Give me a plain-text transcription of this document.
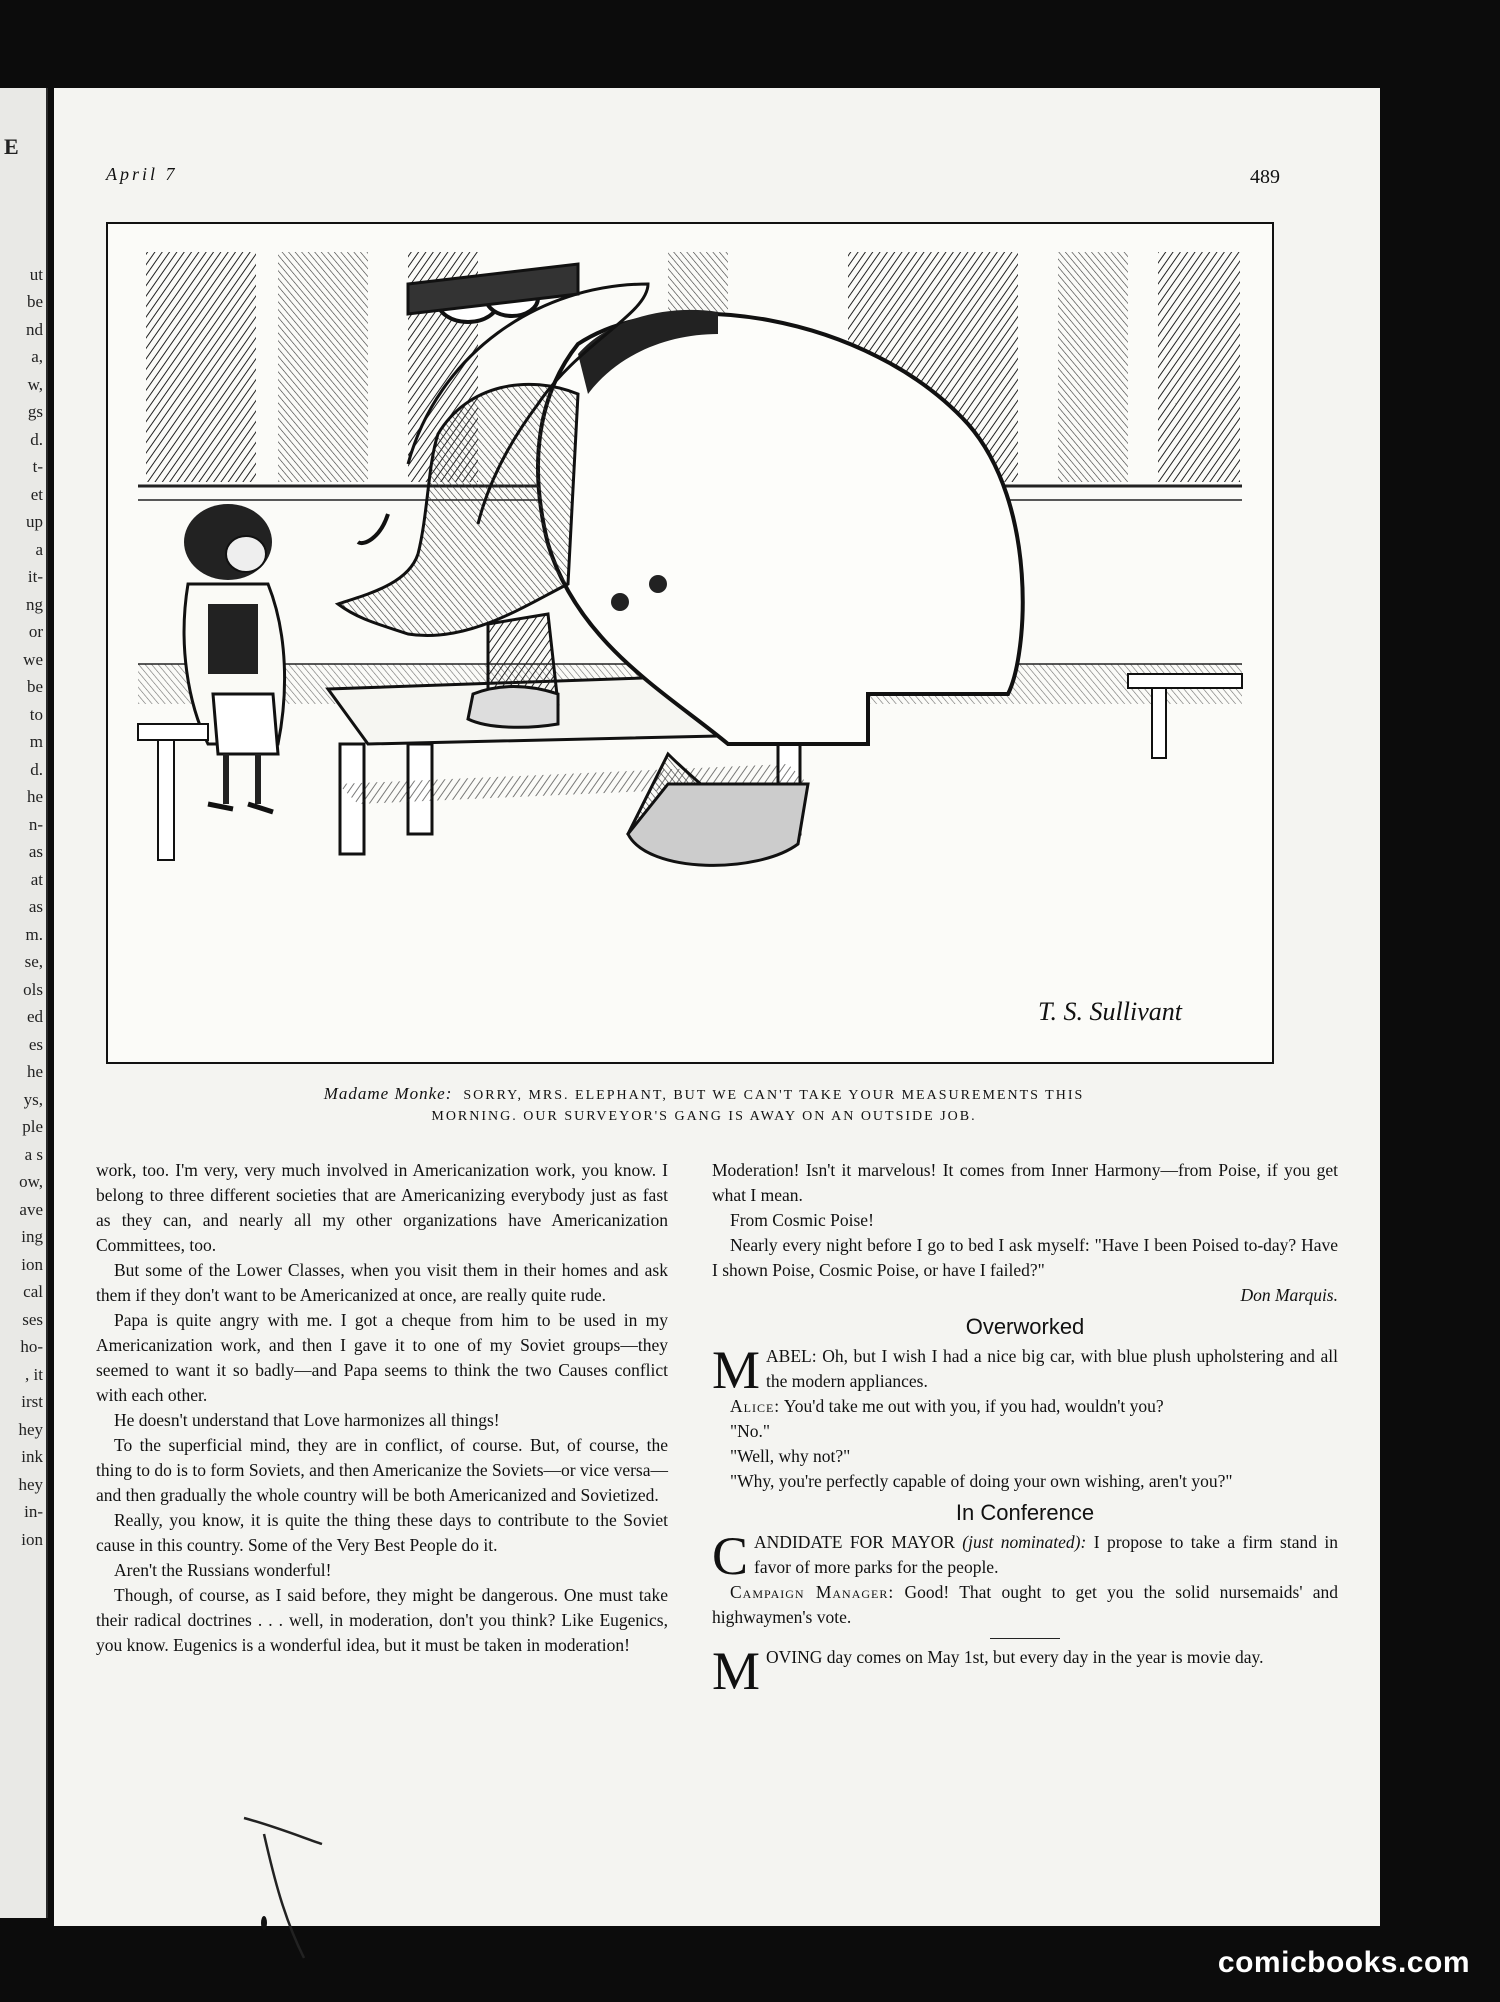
E
ut
be
nd
a,
w,
gs
d.
t-
et
up
a
it-
ng
or
we
be
to
m
d.
he
n-
as
at
as
m.
se,
ols
ed
es
he
ys,
ple
a s
ow,
ave
ing
ion
cal
ses
ho-
, it
irst
hey
ink
hey
in-
ion
April 7	489
T. S. Sullivant
Madame Monke: SORRY, MRS. ELEPHANT, BUT WE CAN'T TAKE YOUR MEASUREMENTS THIS
MORNING. OUR SURVEYOR'S GANG IS AWAY ON AN OUTSIDE JOB.

work, too. I'm very, very much involved in Americanization work, you know. I belong to three different societies that are Americanizing everybody just as fast as they can, and nearly all my other organizations have Americanization Committees, too.

But some of the Lower Classes, when you visit them in their homes and ask them if they don't want to be Americanized at once, are really quite rude.

Papa is quite angry with me. I got a cheque from him to be used in my Americanization work, and then I gave it to one of my Soviet groups—they seemed to want it so badly—and Papa seems to think the two Causes conflict with each other.

He doesn't understand that Love harmonizes all things!

To the superficial mind, they are in conflict, of course. But, of course, the thing to do is to form Soviets, and then Americanize the Soviets—or vice versa—and then gradually the whole country will be both Americanized and Sovietized.

Really, you know, it is quite the thing these days to contribute to the Soviet cause in this country. Some of the Very Best People do it.

Aren't the Russians wonderful!

Though, of course, as I said before, they might be dangerous. One must take their radical doctrines . . . well, in moderation, don't you think? Like Eugenics, you know. Eugenics is a wonderful idea, but it must be taken in moderation!

Moderation! Isn't it marvelous! It comes from Inner Harmony—from Poise, if you get what I mean.

From Cosmic Poise!

Nearly every night before I go to bed I ask myself: "Have I been Poised to-day? Have I shown Poise, Cosmic Poise, or have I failed?"

Don Marquis.
Overworked

MABEL: Oh, but I wish I had a nice big car, with blue plush upholstering and all the modern appliances.

Alice: You'd take me out with you, if you had, wouldn't you?

"No."

"Well, why not?"

"Why, you're perfectly capable of doing your own wishing, aren't you?"

In Conference

CANDIDATE FOR MAYOR (just nominated): I propose to take a firm stand in favor of more parks for the people.

Campaign Manager: Good! That ought to get you the solid nursemaids' and highwaymen's vote.

MOVING day comes on May 1st, but every day in the year is movie day.

comicbooks.com
